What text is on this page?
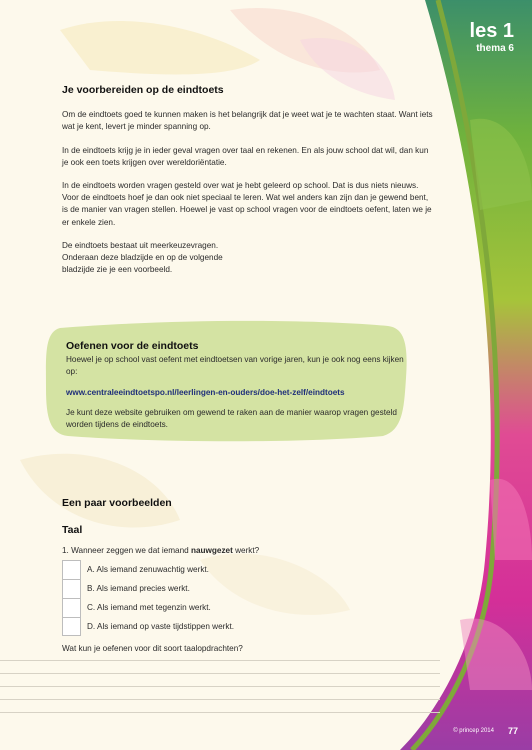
les 1
thema 6
Je voorbereiden op de eindtoets

Om de eindtoets goed te kunnen maken is het belangrijk dat je weet wat je te wachten staat. Want iets wat je kent, levert je minder spanning op.

In de eindtoets krijg je in ieder geval vragen over taal en rekenen. En als jouw school dat wil, dan kun je ook een toets krijgen over wereldoriëntatie.

In de eindtoets worden vragen gesteld over wat je hebt geleerd op school. Dat is dus niets nieuws. Voor de eindtoets hoef je dan ook niet speciaal te leren. Wat wel anders kan zijn dan je gewend bent, is de manier van vragen stellen. Hoewel je vast op school vragen voor de eindtoets oefent, laten we je er enkele zien.

De eindtoets bestaat uit meerkeuzevragen.
Onderaan deze bladzijde en op de volgende
bladzijde zie je een voorbeeld.

Oefenen voor de eindtoets

Hoewel je op school vast oefent met eindtoetsen van vorige jaren, kun je ook nog eens kijken op:

www.centraleeindtoetspo.nl/leerlingen-en-ouders/doe-het-zelf/eindtoets

Je kunt deze website gebruiken om gewend te raken aan de manier waarop vragen gesteld worden tijdens de eindtoets.

Een paar voorbeelden
Taal
1. Wanneer zeggen we dat iemand nauwgezet werkt?
A. Als iemand zenuwachtig werkt.
B. Als iemand precies werkt.
C. Als iemand met tegenzin werkt.
D. Als iemand op vaste tijdstippen werkt.
Wat kun je oefenen voor dit soort taalopdrachten?
© princep 2014 77
